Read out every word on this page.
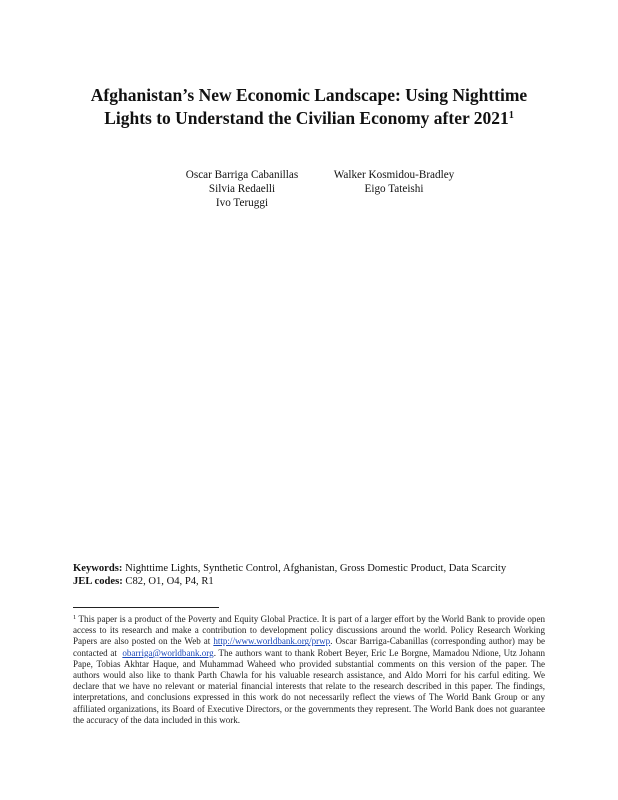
Afghanistan’s New Economic Landscape: Using Nighttime
Lights to Understand the Civilian Economy after 2021$^1$
Oscar Barriga Cabanillas
Silvia Redaelli
Ivo Teruggi
Walker Kosmidou-Bradley
Eigo Tateishi
Keywords: Nighttime Lights, Synthetic Control, Afghanistan, Gross Domestic Product, Data Scarcity
JEL codes: C82, O1, O4, P4, R1
$^1$ This paper is a product of the Poverty and Equity Global Practice. It is part of a larger effort by the World Bank to provide open access to its research and make a contribution to development policy discussions around the world. Policy Research Working Papers are also posted on the Web at http://www.worldbank.org/prwp. Oscar Barriga-Cabanillas (corresponding author) may be contacted at obarriga@worldbank.org. The authors want to thank Robert Beyer, Eric Le Borgne, Mamadou Ndione, Utz Johann Pape, Tobias Akhtar Haque, and Muhammad Waheed who provided substantial comments on this version of the paper. The authors would also like to thank Parth Chawla for his valuable research assistance, and Aldo Morri for his carful editing. We declare that we have no relevant or material financial interests that relate to the research described in this paper. The findings, interpretations, and conclusions expressed in this work do not necessarily reflect the views of The World Bank Group or any affiliated organizations, its Board of Executive Directors, or the governments they represent. The World Bank does not guarantee the accuracy of the data included in this work.
